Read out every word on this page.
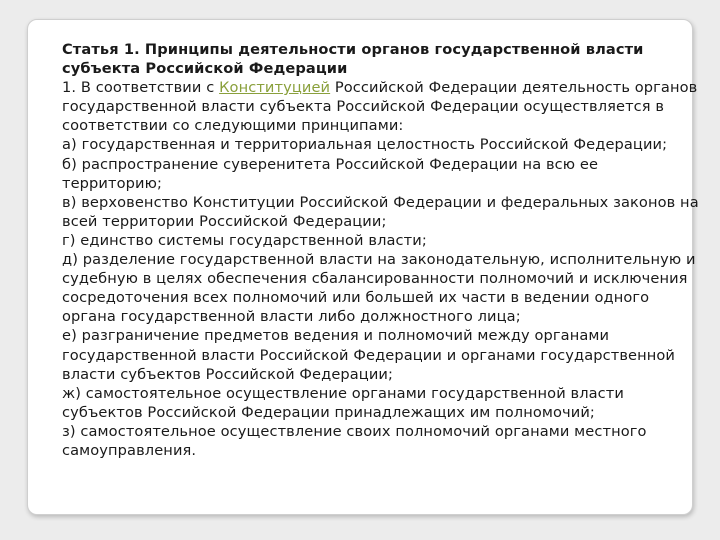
Статья 1. Принципы деятельности органов государственной власти субъекта Российской Федерации

1. В соответствии с Конституцией Российской Федерации деятельность органов государственной власти субъекта Российской Федерации осуществляется в соответствии со следующими принципами:

а) государственная и территориальная целостность Российской Федерации;

б) распространение суверенитета Российской Федерации на всю ее территорию;

в) верховенство Конституции Российской Федерации и федеральных законов на всей территории Российской Федерации;

г) единство системы государственной власти;

д) разделение государственной власти на законодательную, исполнительную и судебную в целях обеспечения сбалансированности полномочий и исключения сосредоточения всех полномочий или большей их части в ведении одного органа государственной власти либо должностного лица;

е) разграничение предметов ведения и полномочий между органами государственной власти Российской Федерации и органами государственной власти субъектов Российской Федерации;

ж) самостоятельное осуществление органами государственной власти субъектов Российской Федерации принадлежащих им полномочий;

з) самостоятельное осуществление своих полномочий органами местного самоуправления.
